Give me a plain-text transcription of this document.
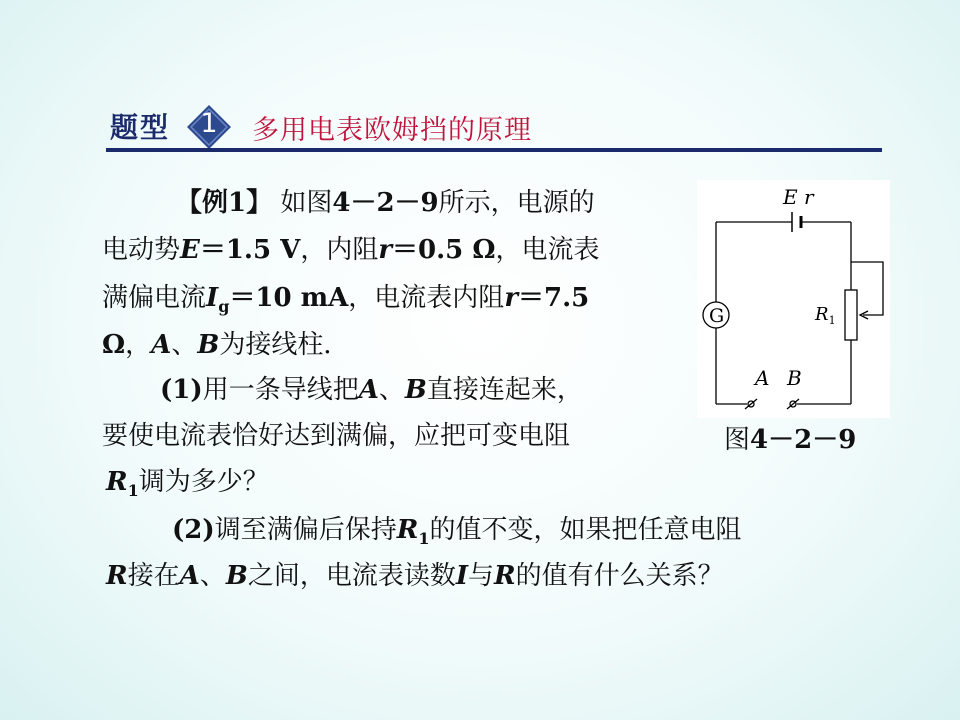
题型	1	多用电表欧姆挡的原理
【例1】 如图4－2－9所示，电源的
电动势E＝1.5 V，内阻r＝0.5 Ω，电流表
满偏电流$I_g=10$ mA，电流表内阻r＝7.5
Ω，A、B为接线柱．
(1)用一条导线把A、B直接连起来，
要使电流表恰好达到满偏，应把可变电阻
$R_1$调为多少？
(2)调至满偏后保持$R_1$的值不变，如果把任意电阻
R接在A、B之间，电流表读数I与R的值有什么关系？
E r
G	$R_1$
A B
图4－2－9
